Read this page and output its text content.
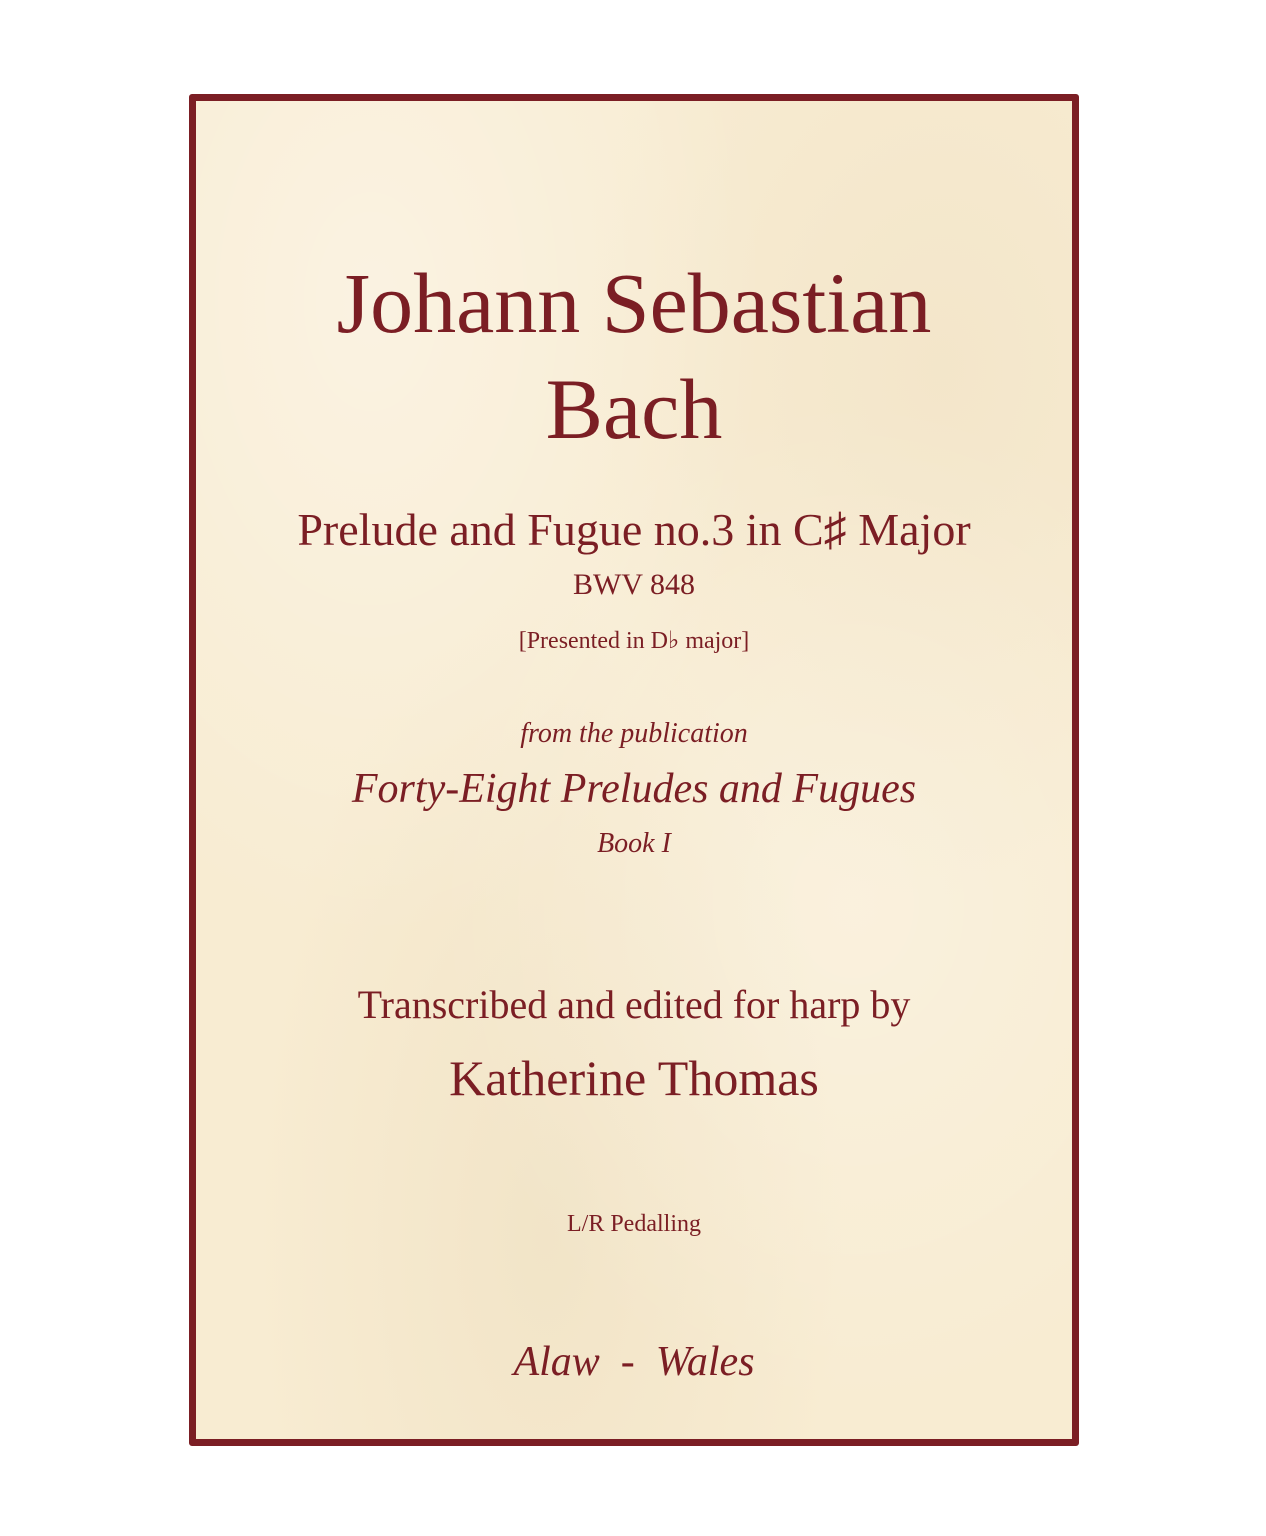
Johann Sebastian

Bach

Prelude and Fugue no.3 in C♯ Major

BWV 848

[Presented in D♭ major]

from the publication

Forty-Eight Preludes and Fugues

Book I

Transcribed and edited for harp by

Katherine Thomas

L/R Pedalling

Alaw  -  Wales
